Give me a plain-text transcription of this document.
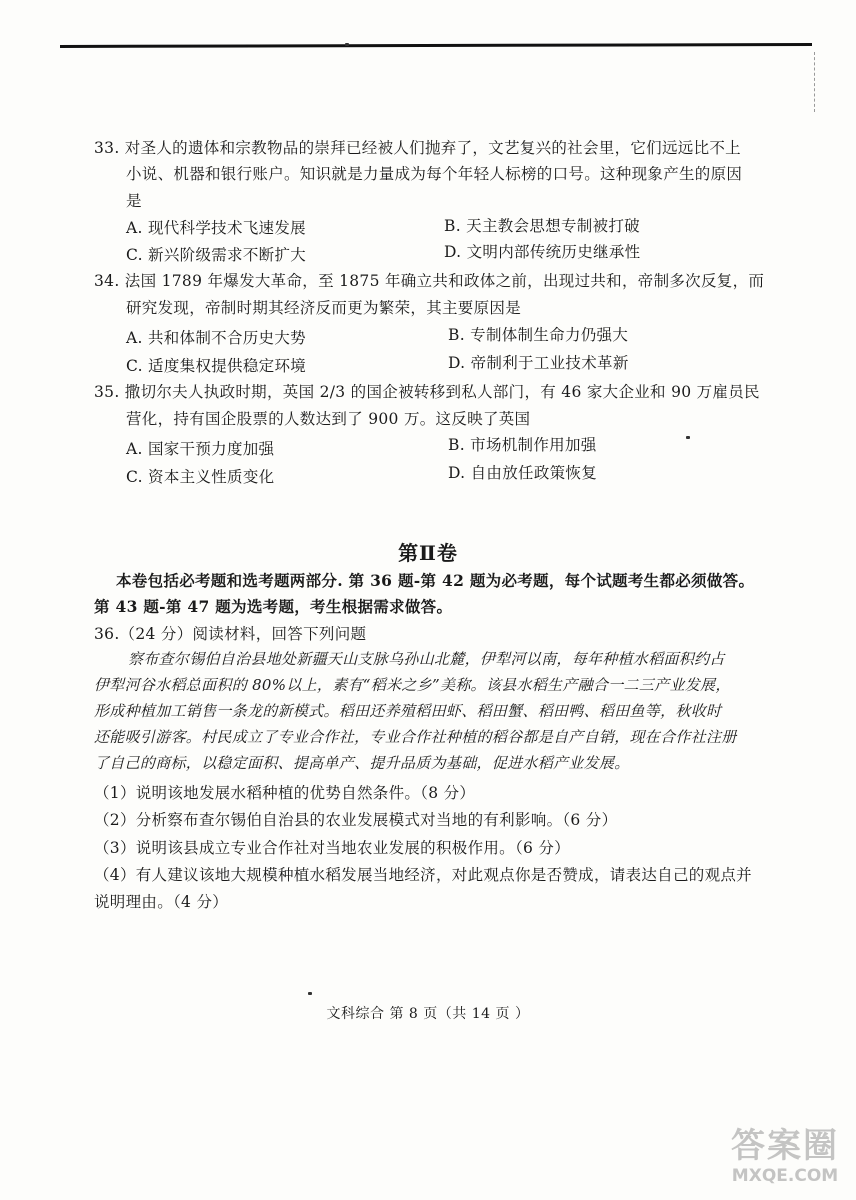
33. 对圣人的遗体和宗教物品的崇拜已经被人们抛弃了，文艺复兴的社会里，它们远远比不上
小说、机器和银行账户。知识就是力量成为每个年轻人标榜的口号。这种现象产生的原因
是
A. 现代科学技术飞速发展	B. 天主教会思想专制被打破
C. 新兴阶级需求不断扩大	D. 文明内部传统历史继承性
34. 法国 1789 年爆发大革命，至 1875 年确立共和政体之前，出现过共和，帝制多次反复，而
研究发现，帝制时期其经济反而更为繁荣，其主要原因是
A. 共和体制不合历史大势	B. 专制体制生命力仍强大
C. 适度集权提供稳定环境	D. 帝制利于工业技术革新
35. 撒切尔夫人执政时期，英国 2/3 的国企被转移到私人部门，有 46 家大企业和 90 万雇员民
营化，持有国企股票的人数达到了 900 万。这反映了英国
A. 国家干预力度加强	B. 市场机制作用加强
C. 资本主义性质变化	D. 自由放任政策恢复
第Ⅱ卷
本卷包括必考题和选考题两部分. 第 36 题-第 42 题为必考题，每个试题考生都必须做答。
第 43 题-第 47 题为选考题，考生根据需求做答。
36.（24 分）阅读材料，回答下列问题
察布查尔锡伯自治县地处新疆天山支脉乌孙山北麓，伊犁河以南，每年种植水稻面积约占
伊犁河谷水稻总面积的 80%以上，素有“稻米之乡”美称。该县水稻生产融合一二三产业发展，
形成种植加工销售一条龙的新模式。稻田还养殖稻田虾、稻田蟹、稻田鸭、稻田鱼等，秋收时
还能吸引游客。村民成立了专业合作社，专业合作社种植的稻谷都是自产自销，现在合作社注册
了自己的商标，以稳定面积、提高单产、提升品质为基础，促进水稻产业发展。
（1）说明该地发展水稻种植的优势自然条件。（8 分）
（2）分析察布查尔锡伯自治县的农业发展模式对当地的有利影响。（6 分）
（3）说明该县成立专业合作社对当地农业发展的积极作用。（6 分）
（4）有人建议该地大规模种植水稻发展当地经济，对此观点你是否赞成，请表达自己的观点并
说明理由。（4 分）
文科综合 第 8 页（共 14 页 ）
答案圈
MXQE.COM
